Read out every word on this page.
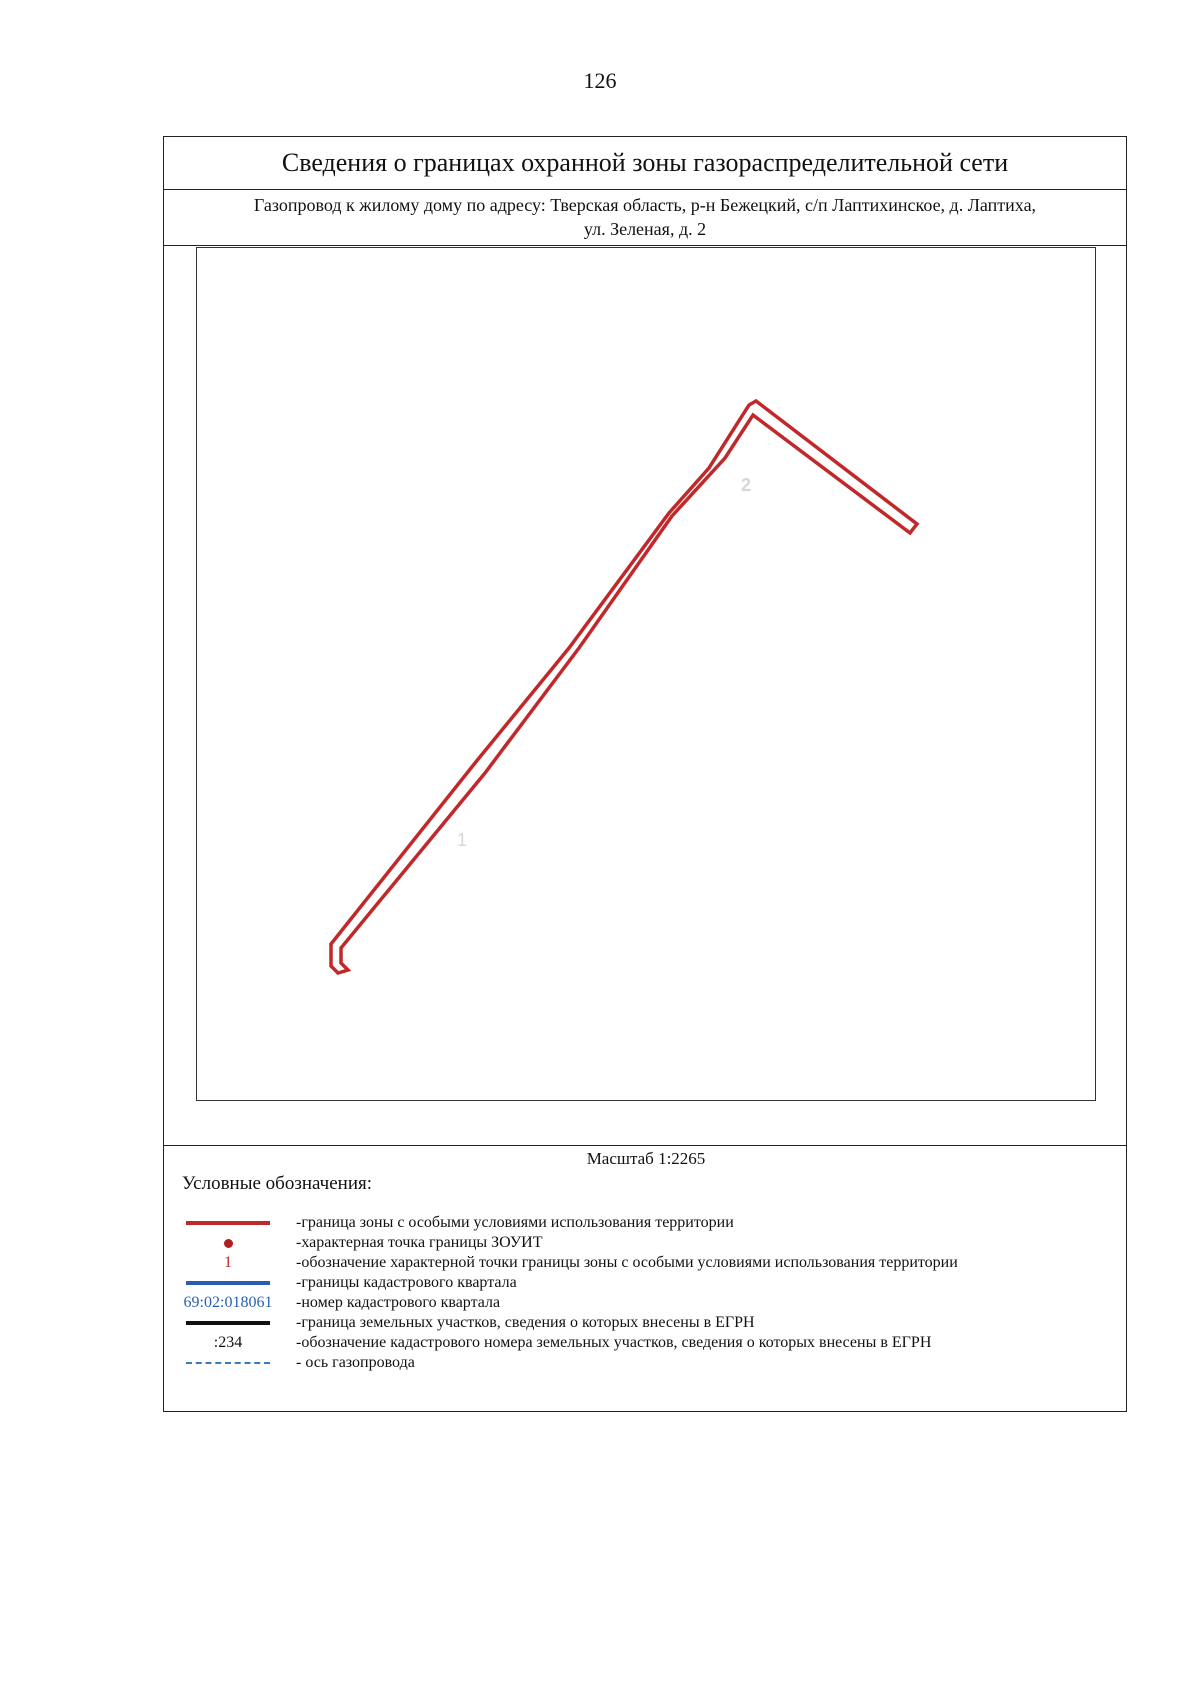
126
Сведения о границах охранной зоны газораспределительной сети
Газопровод к жилому дому по адресу: Тверская область, р-н Бежецкий, с/п Лаптихинское, д. Лаптиха,
ул. Зеленая, д. 2
1
2
Масштаб 1:2265
Условные обозначения:
-граница зоны с особыми условиями использования территории
-характерная точка границы ЗОУИТ
1	-обозначение характерной точки границы зоны с особыми условиями использования территории
-границы кадастрового квартала
69:02:018061 -номер кадастрового квартала
-граница земельных участков, сведения о которых внесены в ЕГРН
:234	-обозначение кадастрового номера земельных участков, сведения о которых внесены в ЕГРН
- ось газопровода
